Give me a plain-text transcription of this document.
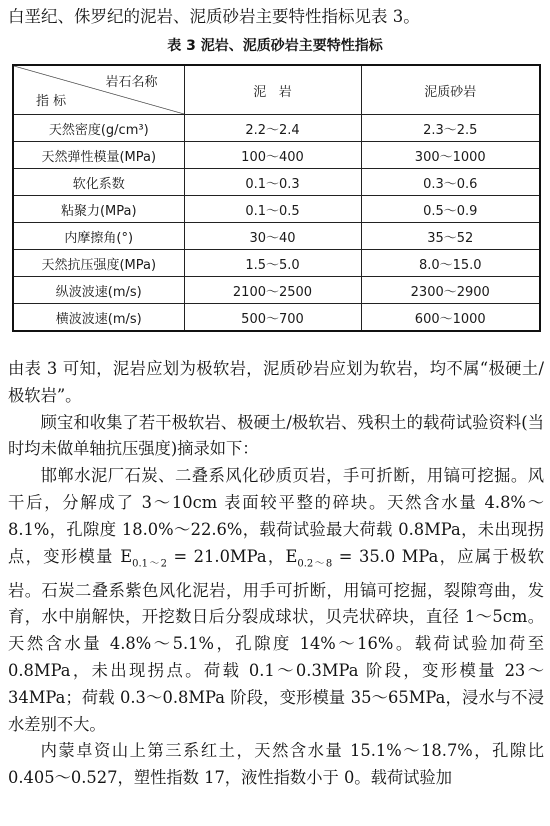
白垩纪、侏罗纪的泥岩、泥质砂岩主要特性指标见表 3。
表 3 泥岩、泥质砂岩主要特性指标
岩石名称
指 标	泥   岩	泥质砂岩
天然密度(g/cm³)	2.2～2.4	2.3～2.5
天然弹性模量(MPa)	100～400	300～1000
软化系数	0.1～0.3	0.3～0.6
粘聚力(MPa)	0.1～0.5	0.5～0.9
内摩擦角(°)	30～40	35～52
天然抗压强度(MPa)	1.5～5.0	8.0～15.0
纵波波速(m/s)	2100～2500	2300～2900
横波波速(m/s)	500～700	600～1000

由表 3 可知，泥岩应划为极软岩，泥质砂岩应划为软岩，均不属“极硬土/极软岩”。

顾宝和收集了若干极软岩、极硬土/极软岩、残积土的载荷试验资料(当时均未做单轴抗压强度)摘录如下：

邯郸水泥厂石炭、二叠系风化砂质页岩，手可折断，用镐可挖掘。风干后，分解成了 3～10cm 表面较平整的碎块。天然含水量 4.8%～8.1%，孔隙度 18.0%～22.6%，载荷试验最大荷载 0.8MPa，未出现拐点，变形模量 $E_{0.1\sim 2} = 21.0MPa$，$E_{0.2\sim 8} = 35.0$ MPa，应属于极软岩。石炭二叠系紫色风化泥岩，用手可折断，用镐可挖掘，裂隙弯曲，发育，水中崩解快，开挖数日后分裂成球状，贝壳状碎块，直径 1～5cm。天然含水量 4.8%～5.1%，孔隙度 14%～16%。载荷试验加荷至 0.8MPa，未出现拐点。荷载 0.1～0.3MPa 阶段，变形模量 23～34MPa；荷载 0.3～0.8MPa 阶段，变形模量 35～65MPa，浸水与不浸水差别不大。

内蒙卓资山上第三系红土，天然含水量 15.1%～18.7%，孔隙比 0.405～0.527，塑性指数 17，液性指数小于 0。载荷试验加
